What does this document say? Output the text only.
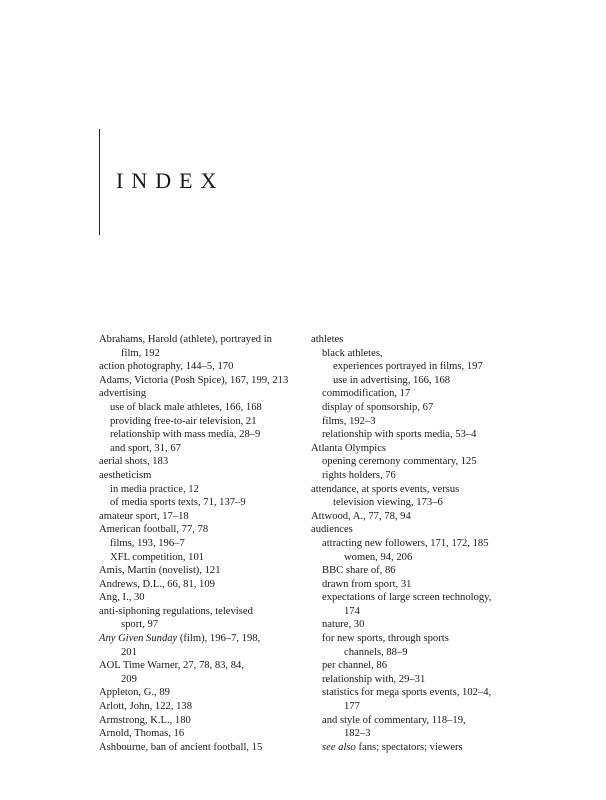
INDEX
Abrahams, Harold (athlete), portrayed in
film, 192
action photography, 144–5, 170
Adams, Victoria (Posh Spice), 167, 199, 213
advertising
use of black male athletes, 166, 168
providing free-to-air television, 21
relationship with mass media, 28–9
and sport, 31, 67
aerial shots, 183
aestheticism
in media practice, 12
of media sports texts, 71, 137–9
amateur sport, 17–18
American football, 77, 78
films, 193, 196–7
XFL competition, 101
Amis, Martin (novelist), 121
Andrews, D.L., 66, 81, 109
Ang, I., 30
anti-siphoning regulations, televised
sport, 97
Any Given Sunday (film), 196–7, 198,
201
AOL Time Warner, 27, 78, 83, 84,
209
Appleton, G., 89
Arlott, John, 122, 138
Armstrong, K.L., 180
Arnold, Thomas, 16
Ashbourne, ban of ancient football, 15
athletes
black athletes,
experiences portrayed in films, 197
use in advertising, 166, 168
commodification, 17
display of sponsorship, 67
films, 192–3
relationship with sports media, 53–4
Atlanta Olympics
opening ceremony commentary, 125
rights holders, 76
attendance, at sports events, versus
television viewing, 173–6
Attwood, A., 77, 78, 94
audiences
attracting new followers, 171, 172, 185
women, 94, 206
BBC share of, 86
drawn from sport, 31
expectations of large screen technology,
174
nature, 30
for new sports, through sports
channels, 88–9
per channel, 86
relationship with, 29–31
statistics for mega sports events, 102–4,
177
and style of commentary, 118–19,
182–3
see also fans; spectators; viewers
